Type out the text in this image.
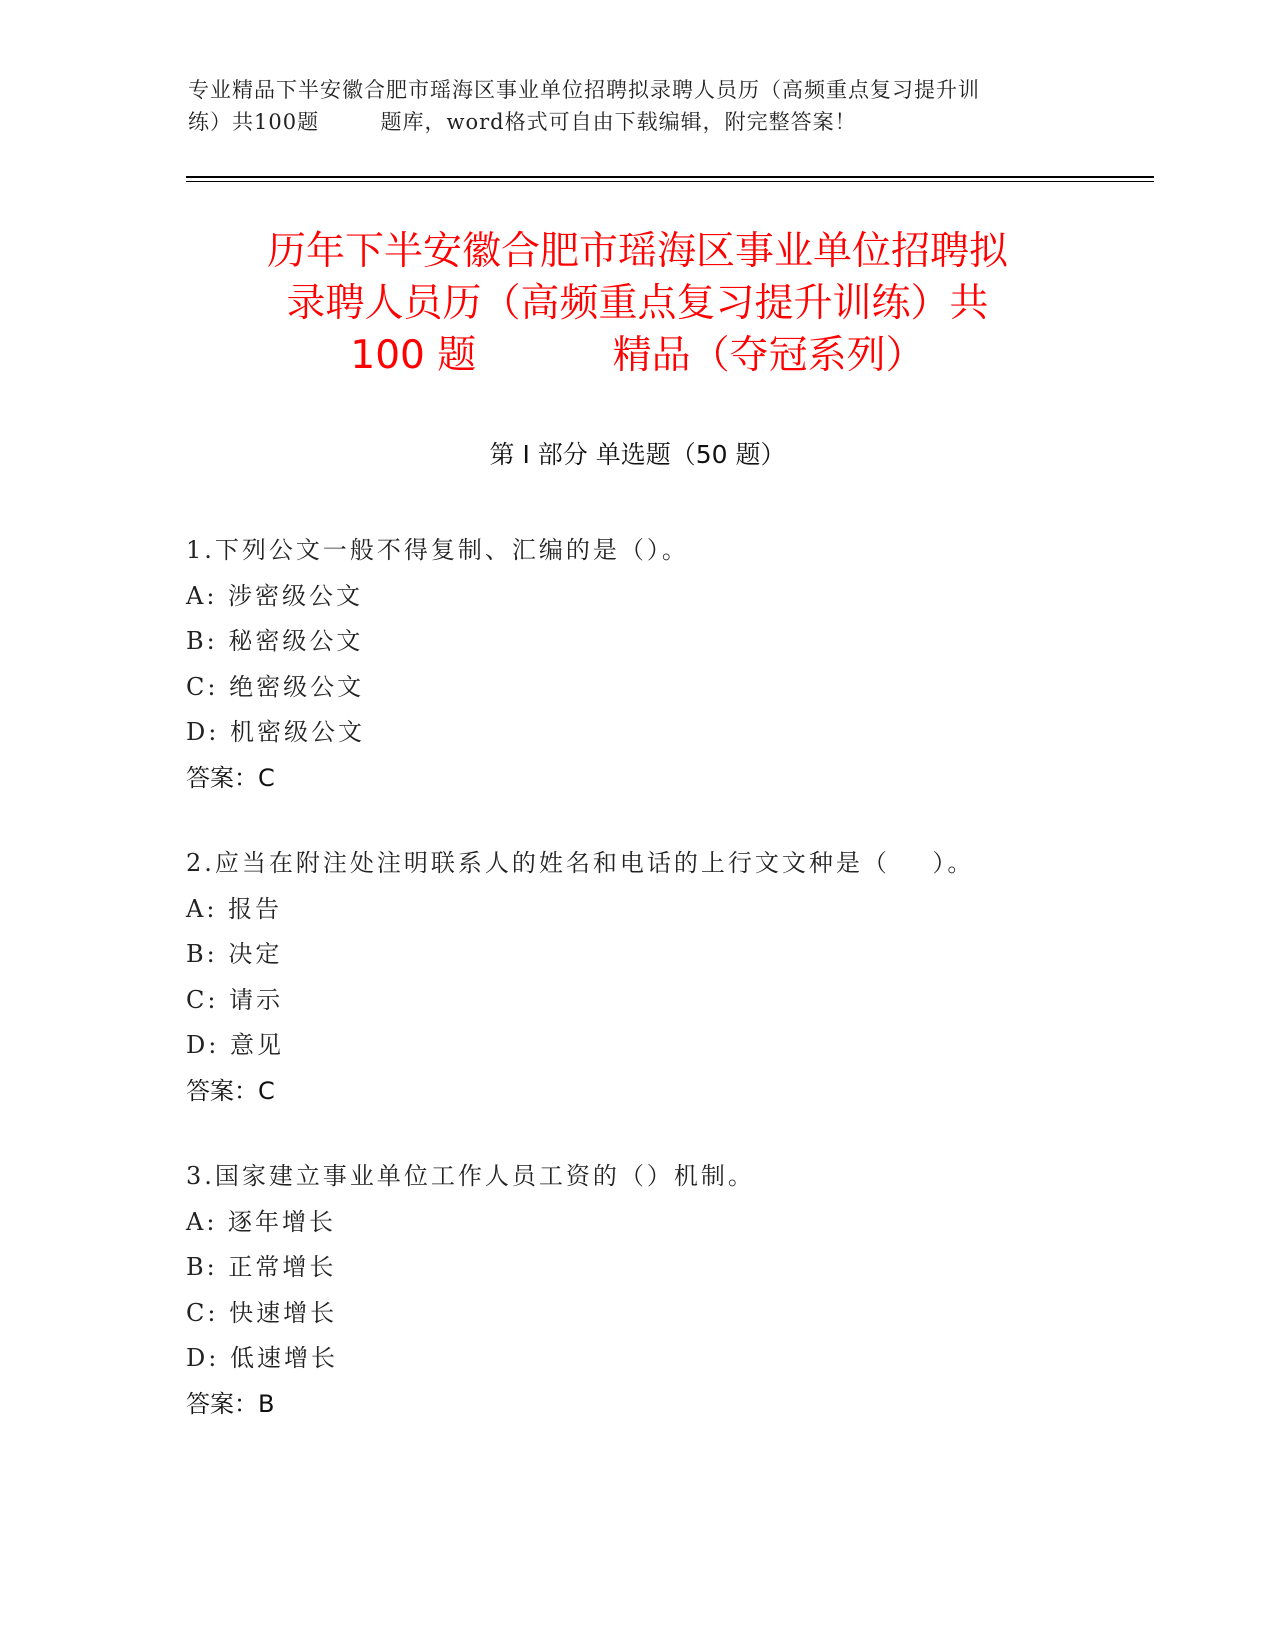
专业精品下半安徽合肥市瑶海区事业单位招聘拟录聘人员历（高频重点复习提升训
练）共100题        题库，word格式可自由下载编辑，附完整答案！
历年下半安徽合肥市瑶海区事业单位招聘拟
录聘人员历（高频重点复习提升训练）共
100 题           精品（夺冠系列）
第 I 部分 单选题（50 题）
1.下列公文一般不得复制、汇编的是（）。
A: 涉密级公文
B: 秘密级公文
C: 绝密级公文
D: 机密级公文
答案：C
2.应当在附注处注明联系人的姓名和电话的上行文文种是（    ）。
A: 报告
B: 决定
C: 请示
D: 意见
答案：C
3.国家建立事业单位工作人员工资的（）机制。
A: 逐年增长
B: 正常增长
C: 快速增长
D: 低速增长
答案：B
